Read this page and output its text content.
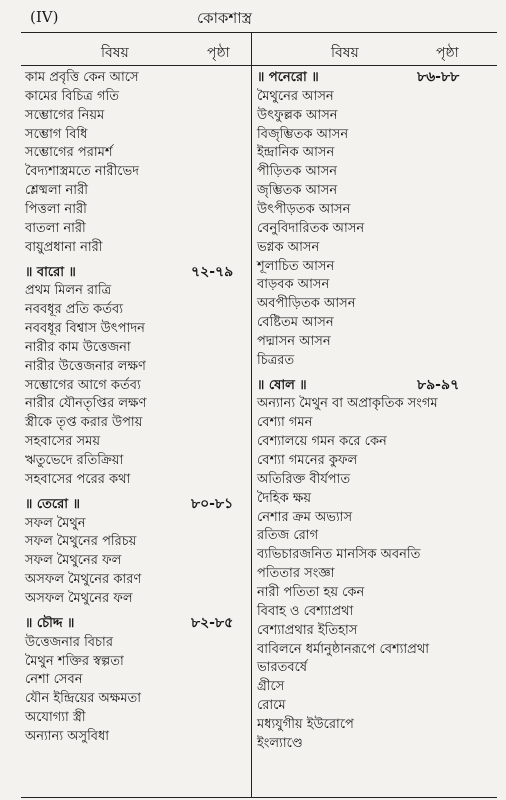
(IV)	কোকশাস্ত্র
বিষয়	পৃষ্ঠা	বিষয়	পৃষ্ঠা
কাম প্রবৃত্তি কেন আসে
কামের বিচিত্র গতি
সম্ভোগের নিয়ম
সম্ভোগ বিধি
সম্ভোগের পরামর্শ
বৈদ্যশাস্ত্রমতে নারীভেদ
শ্লেষ্মলা নারী
পিত্তলা নারী
বাতলা নারী
বায়ুপ্রধানা নারী
॥ বারো ॥	৭২-৭৯
প্রথম মিলন রাত্রি
নববধূর প্রতি কর্তব্য
নববধূর বিশ্বাস উৎপাদন
নারীর কাম উত্তেজনা
নারীর উত্তেজনার লক্ষণ
সম্ভোগের আগে কর্তব্য
নারীর যৌনতৃপ্তির লক্ষণ
স্ত্রীকে তৃপ্ত করার উপায়
সহবাসের সময়
ঋতুভেদে রতিক্রিয়া
সহবাসের পরের কথা
॥ তেরো ॥	৮০-৮১
সফল মৈথুন
সফল মৈথুনের পরিচয়
সফল মৈথুনের ফল
অসফল মৈথুনের কারণ
অসফল মৈথুনের ফল
॥ চৌদ্দ ॥	৮২-৮৫
উত্তেজনার বিচার
মৈথুন শক্তির স্বল্পতা
নেশা সেবন
যৌন ইন্দ্রিয়ের অক্ষমতা
অযোগ্যা স্ত্রী
অন্যান্য অসুবিধা
॥ পনেরো ॥	৮৬-৮৮
মৈথুনের আসন
উৎফুল্লক আসন
বিজৃম্ভিতক আসন
ইন্দ্রানিক আসন
পীড়িতক আসন
জৃম্ভিতক আসন
উৎপীড়তক আসন
বেনুবিদারিতক আসন
ভগ্নক আসন
শূলাচিত আসন
বাড়বক আসন
অবপীড়িতক আসন
বেষ্টিতম আসন
পদ্মাসন আসন
চিত্ররত
॥ ষোল ॥	৮৯-৯৭
অন্যান্য মৈথুন বা অপ্রাকৃতিক সংগম
বেশ্যা গমন
বেশ্যালয়ে গমন করে কেন
বেশ্যা গমনের কুফল
অতিরিক্ত বীর্যপাত
দৈহিক ক্ষয়
নেশার ক্রম অভ্যাস
রতিজ রোগ
ব্যভিচারজনিত মানসিক অবনতি
পতিতার সংজ্ঞা
নারী পতিতা হয় কেন
বিবাহ ও বেশ্যাপ্রথা
বেশ্যাপ্রথার ইতিহাস
বাবিলনে ধর্মানুষ্ঠানরূপে বেশ্যাপ্রথা
ভারতবর্ষে
গ্রীসে
রোমে
মধ্যযুগীয় ইউরোপে
ইংল্যাণ্ডে
